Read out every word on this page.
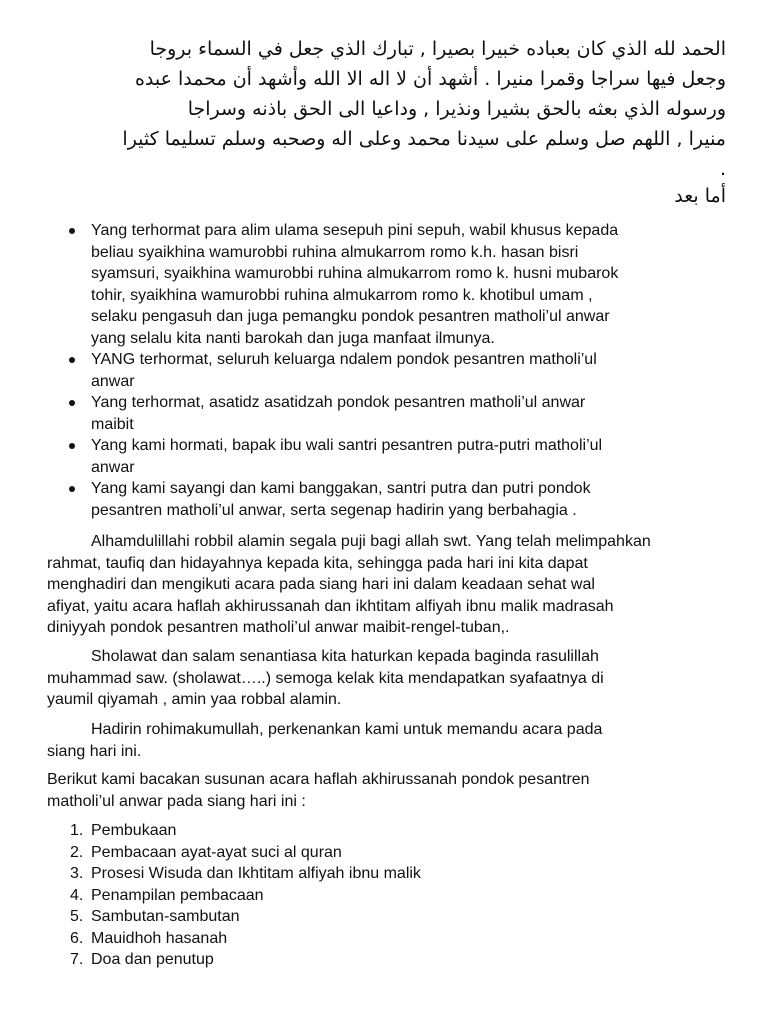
الحمد لله الذي كان بعباده خبيرا بصيرا , تبارك الذي جعل في السماء بروجا
وجعل فيها سراجا وقمرا منيرا . أشهد أن لا اله الا الله وأشهد أن محمدا عبده
ورسوله الذي بعثه بالحق بشيرا ونذيرا , وداعيا الى الحق باذنه وسراجا
منيرا , اللهم صل وسلم على سيدنا محمد وعلى اله وصحبه وسلم تسليما كثيرا
.
أما بعد
Yang terhormat para alim ulama sesepuh pini sepuh, wabil khusus kepada
beliau syaikhina wamurobbi ruhina almukarrom romo k.h. hasan bisri
syamsuri, syaikhina wamurobbi ruhina almukarrom romo k. husni mubarok
tohir, syaikhina wamurobbi ruhina almukarrom romo k. khotibul umam ,
selaku pengasuh dan juga pemangku pondok pesantren matholi’ul anwar
yang selalu kita nanti barokah dan juga manfaat ilmunya.
YANG terhormat, seluruh keluarga ndalem pondok pesantren matholi’ul
anwar
Yang terhormat, asatidz asatidzah pondok pesantren matholi’ul anwar
maibit
Yang kami hormati, bapak ibu wali santri pesantren putra-putri matholi’ul
anwar
Yang kami sayangi dan kami banggakan, santri putra dan putri pondok
pesantren matholi’ul anwar, serta segenap hadirin yang berbahagia .
Alhamdulillahi robbil alamin segala puji bagi allah swt. Yang telah melimpahkan
rahmat, taufiq dan hidayahnya kepada kita, sehingga pada hari ini kita dapat
menghadiri dan mengikuti acara pada siang hari ini dalam keadaan sehat wal
afiyat, yaitu acara haflah akhirussanah dan ikhtitam alfiyah ibnu malik madrasah
diniyyah pondok pesantren matholi’ul anwar maibit-rengel-tuban,.
Sholawat dan salam senantiasa kita haturkan kepada baginda rasulillah
muhammad saw. (sholawat…..) semoga kelak kita mendapatkan syafaatnya di
yaumil qiyamah , amin yaa robbal alamin.
Hadirin rohimakumullah, perkenankan kami untuk memandu acara pada
siang hari ini.
Berikut kami bacakan susunan acara haflah akhirussanah pondok pesantren
matholi’ul anwar pada siang hari ini :
1. Pembukaan
2. Pembacaan ayat-ayat suci al quran
3. Prosesi Wisuda dan Ikhtitam alfiyah ibnu malik
4. Penampilan pembacaan
5. Sambutan-sambutan
6. Mauidhoh hasanah
7. Doa dan penutup
